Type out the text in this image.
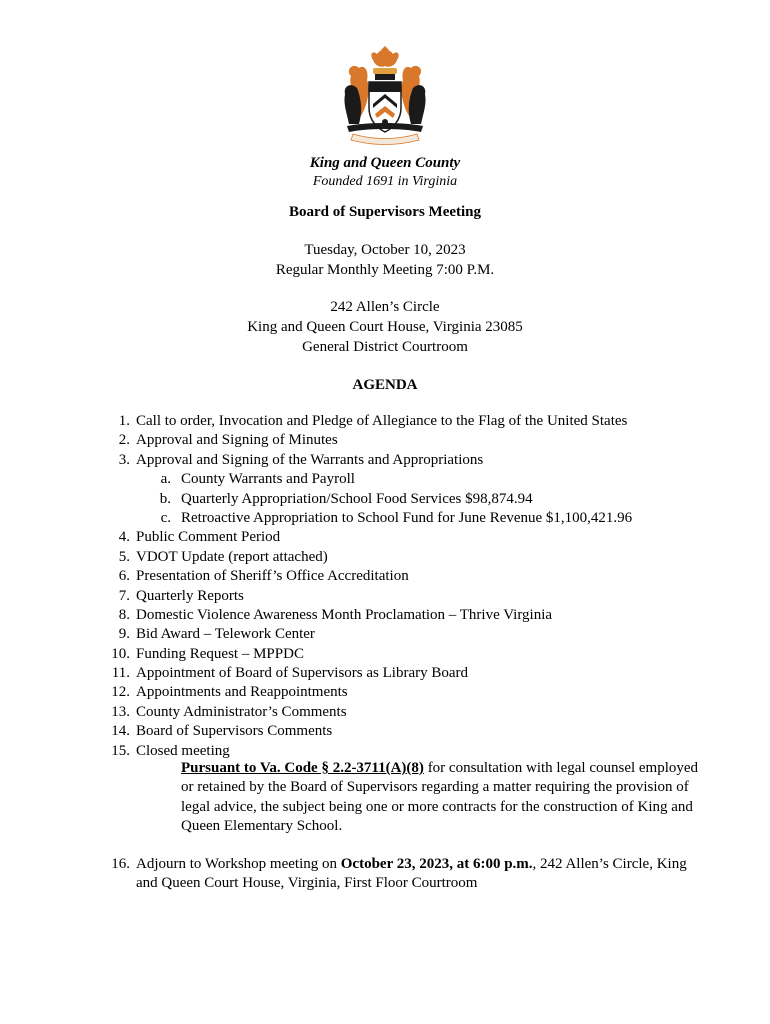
King and Queen County
Founded 1691 in Virginia
Board of Supervisors Meeting
Tuesday, October 10, 2023
Regular Monthly Meeting 7:00 P.M.
242 Allen’s Circle
King and Queen Court House, Virginia 23085
General District Courtroom
AGENDA
1. Call to order, Invocation and Pledge of Allegiance to the Flag of the United States
2. Approval and Signing of Minutes
3. Approval and Signing of the Warrants and Appropriations
a. County Warrants and Payroll
b. Quarterly Appropriation/School Food Services $98,874.94
c. Retroactive Appropriation to School Fund for June Revenue $1,100,421.96
4. Public Comment Period
5. VDOT Update (report attached)
6. Presentation of Sheriff’s Office Accreditation
7. Quarterly Reports
8. Domestic Violence Awareness Month Proclamation – Thrive Virginia
9. Bid Award – Telework Center
10. Funding Request – MPPDC
11. Appointment of Board of Supervisors as Library Board
12. Appointments and Reappointments
13. County Administrator’s Comments
14. Board of Supervisors Comments
15. Closed meeting
Pursuant to Va. Code § 2.2-3711(A)(8) for consultation with legal counsel employed or retained by the Board of Supervisors regarding a matter requiring the provision of legal advice, the subject being one or more contracts for the construction of King and Queen Elementary School.
16. Adjourn to Workshop meeting on October 23, 2023, at 6:00 p.m., 242 Allen’s Circle, King and Queen Court House, Virginia, First Floor Courtroom
